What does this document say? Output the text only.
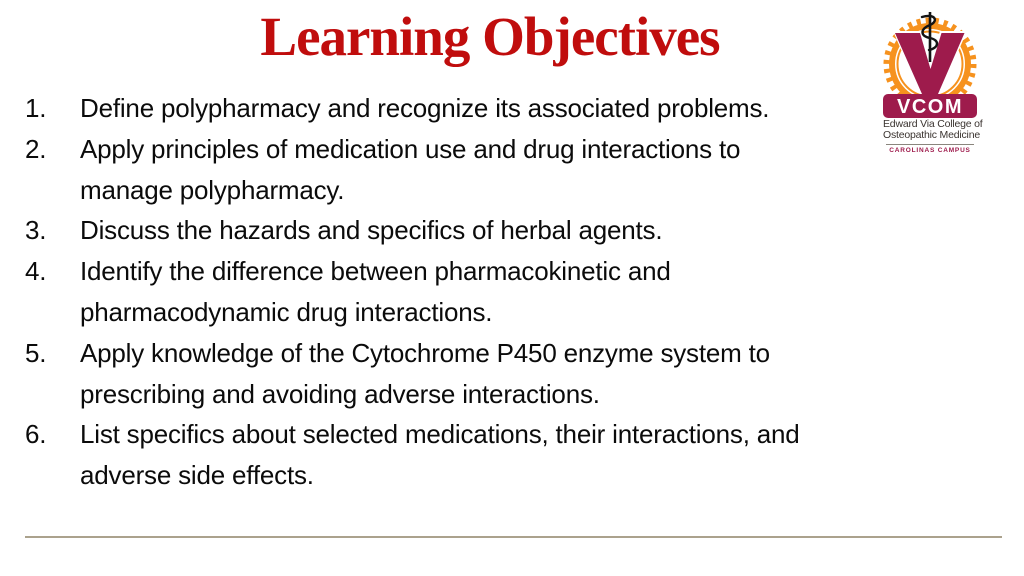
Learning Objectives
1.	Define polypharmacy and recognize its associated problems.
2.	Apply principles of medication use and drug interactions to
manage polypharmacy.
3.	Discuss the hazards and specifics of herbal agents.
4.	Identify the difference between pharmacokinetic and
pharmacodynamic drug interactions.
5.	Apply knowledge of the Cytochrome P450 enzyme system to
prescribing and avoiding adverse interactions.
6.	List specifics about selected medications, their interactions, and
adverse side effects.
VCOM
Edward Via College of
Osteopathic Medicine
CAROLINAS CAMPUS
